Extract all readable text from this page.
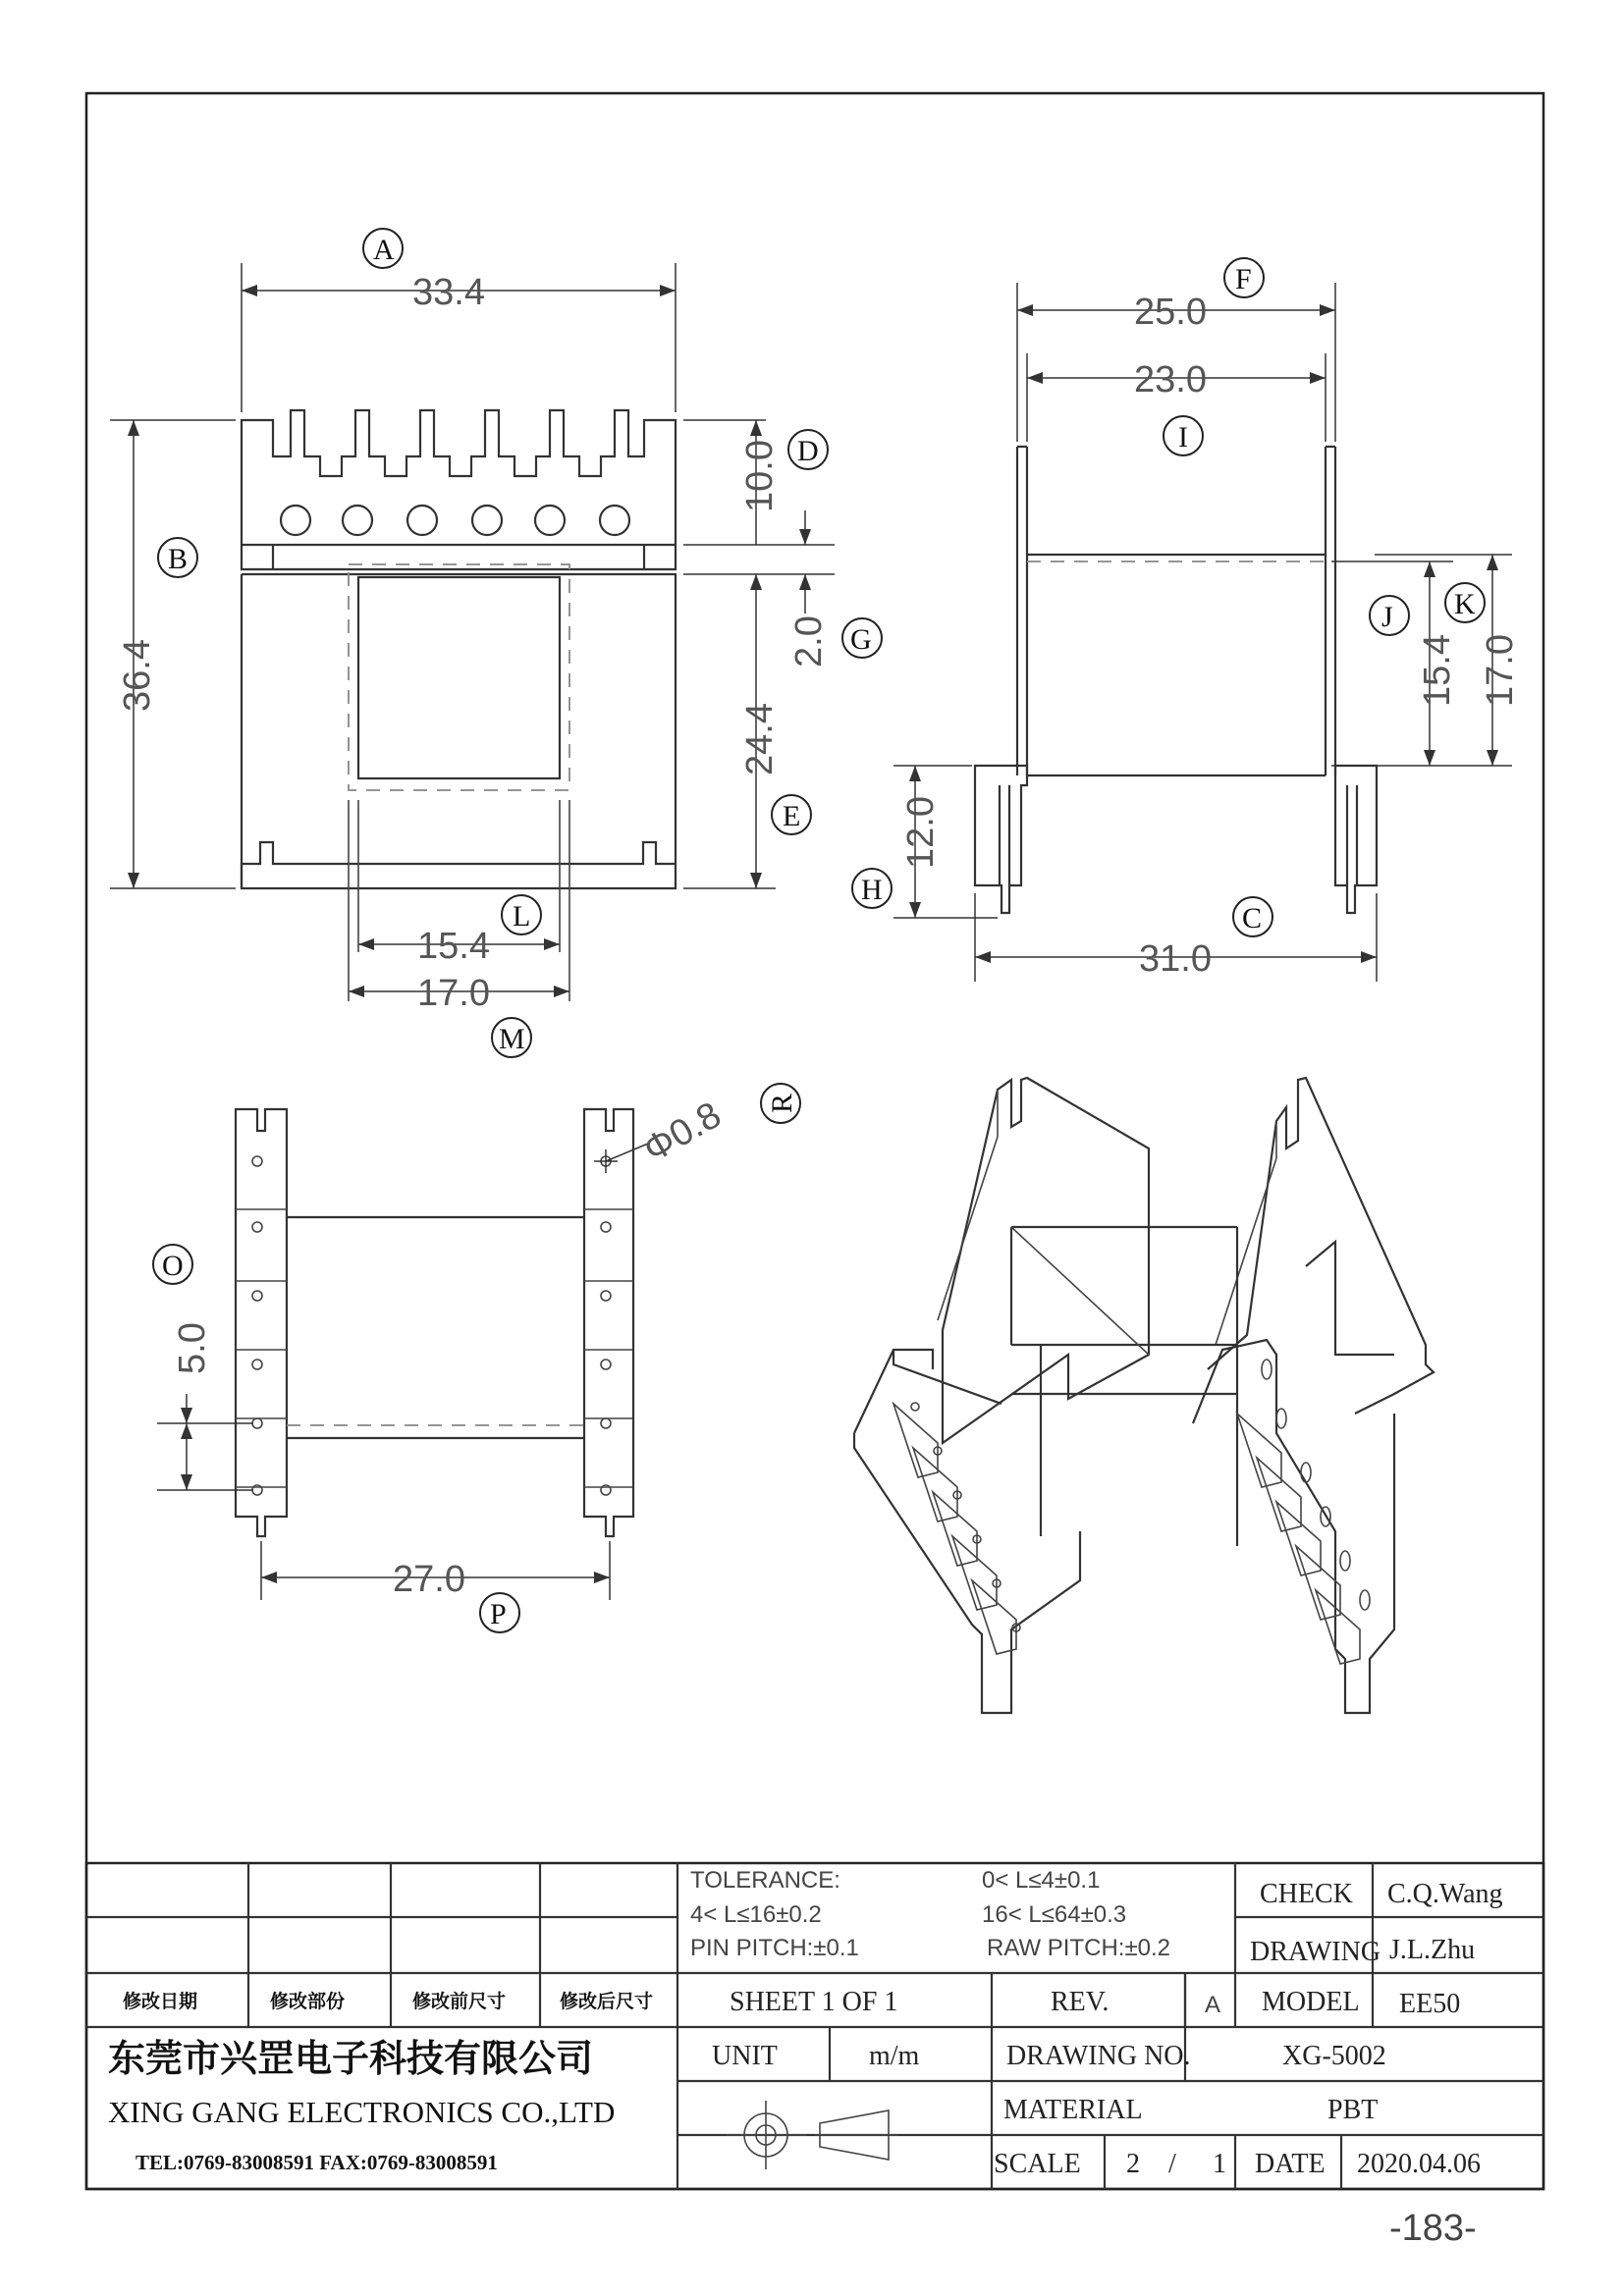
33.4
36.4
10.0
2.0
24.4
15.4
17.0
A
B
D
G
E
L
M
25.0
23.0
15.4 17.0
12.0
31.0
F
I
J K
H
C
5.0
27.0
Φ0.8
O
P
R
TOLERANCE:	0< L≤4±0.1
4< L≤16±0.2	16< L≤64±0.3
PIN PITCH:±0.1	RAW PITCH:±0.2
CHECK C.Q.Wang
DRAWING J.L.Zhu
修改日期	修改部份	修改前尺寸	修改后尺寸	SHEET 1 OF 1	REV.	A MODEL EE50
东莞市兴罡电子科技有限公司
XING GANG ELECTRONICS CO.,LTD
TEL:0769-83008591 FAX:0769-83008591
UNIT	m/m	DRAWING NO.	XG-5002
MATERIAL	PBT
SCALE 2 / 1 DATE 2020.04.06
-183-
